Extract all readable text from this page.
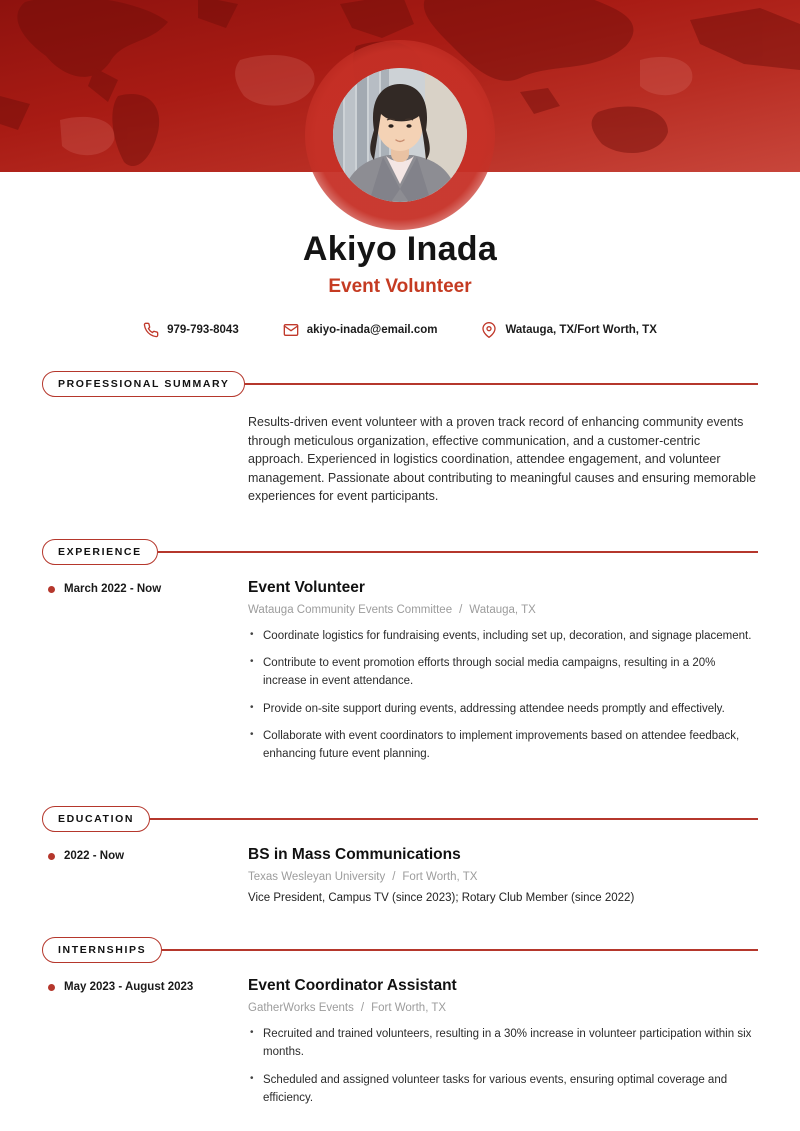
Akiyo Inada
Event Volunteer
979-793-8043	akiyo-inada@email.com	Watauga, TX/Fort Worth, TX
PROFESSIONAL SUMMARY

Results-driven event volunteer with a proven track record of enhancing community events through meticulous organization, effective communication, and a customer-centric approach. Experienced in logistics coordination, attendee engagement, and volunteer management. Passionate about contributing to meaningful causes and ensuring memorable experiences for event participants.

EXPERIENCE
March 2022 - Now	Event Volunteer
Watauga Community Events Committee / Watauga, TX
• Coordinate logistics for fundraising events, including set up, decoration, and signage placement.
• Contribute to event promotion efforts through social media campaigns, resulting in a 20% increase in event attendance.
• Provide on-site support during events, addressing attendee needs promptly and effectively.
• Collaborate with event coordinators to implement improvements based on attendee feedback, enhancing future event planning.
EDUCATION
2022 - Now	BS in Mass Communications
Texas Wesleyan University / Fort Worth, TX
Vice President, Campus TV (since 2023); Rotary Club Member (since 2022)
INTERNSHIPS
May 2023 - August 2023	Event Coordinator Assistant
GatherWorks Events / Fort Worth, TX
• Recruited and trained volunteers, resulting in a 30% increase in volunteer participation within six months.
• Scheduled and assigned volunteer tasks for various events, ensuring optimal coverage and efficiency.
